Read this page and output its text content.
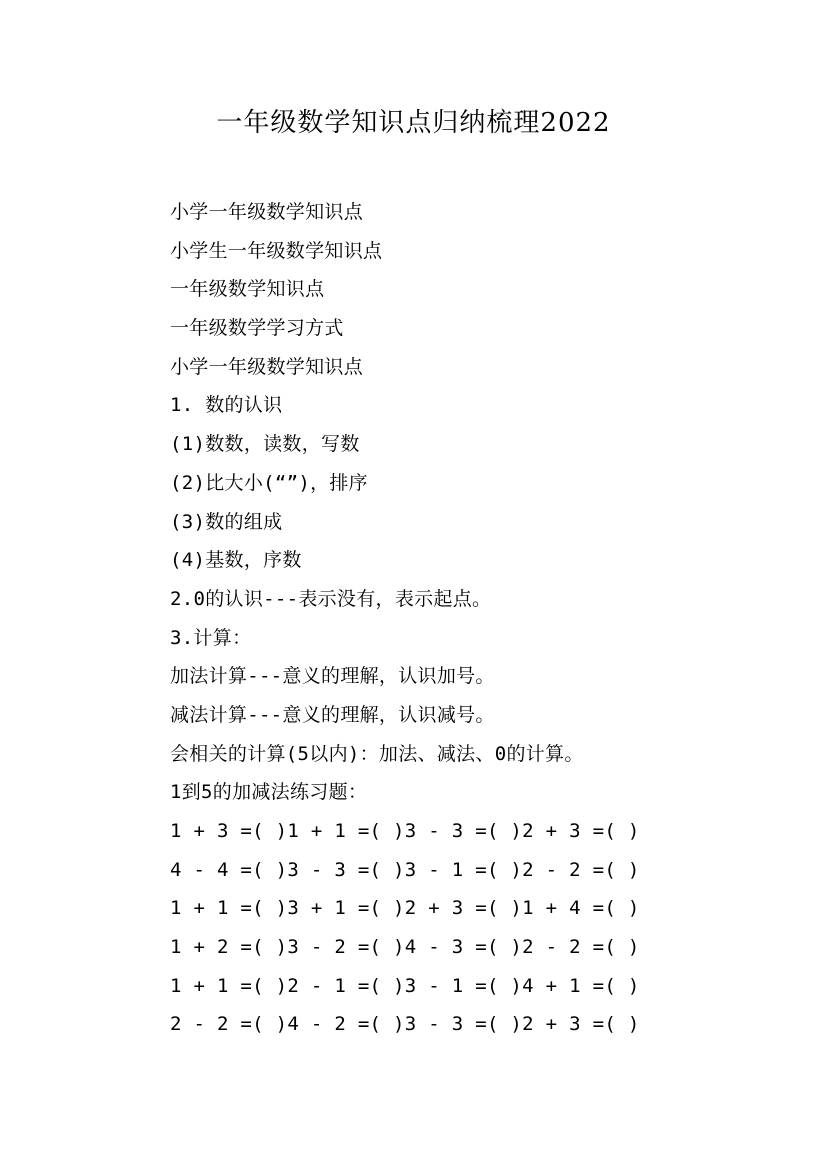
一年级数学知识点归纳梳理2022
小学一年级数学知识点
小学生一年级数学知识点
一年级数学知识点
一年级数学学习方式
小学一年级数学知识点
1. 数的认识
(1)数数，读数，写数
(2)比大小(“”)，排序
(3)数的组成
(4)基数，序数
2.0的认识---表示没有，表示起点。
3.计算：
加法计算---意义的理解，认识加号。
减法计算---意义的理解，认识减号。
会相关的计算(5以内)：加法、减法、0的计算。
1到5的加减法练习题：
1 + 3 =( )1 + 1 =( )3 - 3 =( )2 + 3 =( )
4 - 4 =( )3 - 3 =( )3 - 1 =( )2 - 2 =( )
1 + 1 =( )3 + 1 =( )2 + 3 =( )1 + 4 =( )
1 + 2 =( )3 - 2 =( )4 - 3 =( )2 - 2 =( )
1 + 1 =( )2 - 1 =( )3 - 1 =( )4 + 1 =( )
2 - 2 =( )4 - 2 =( )3 - 3 =( )2 + 3 =( )
